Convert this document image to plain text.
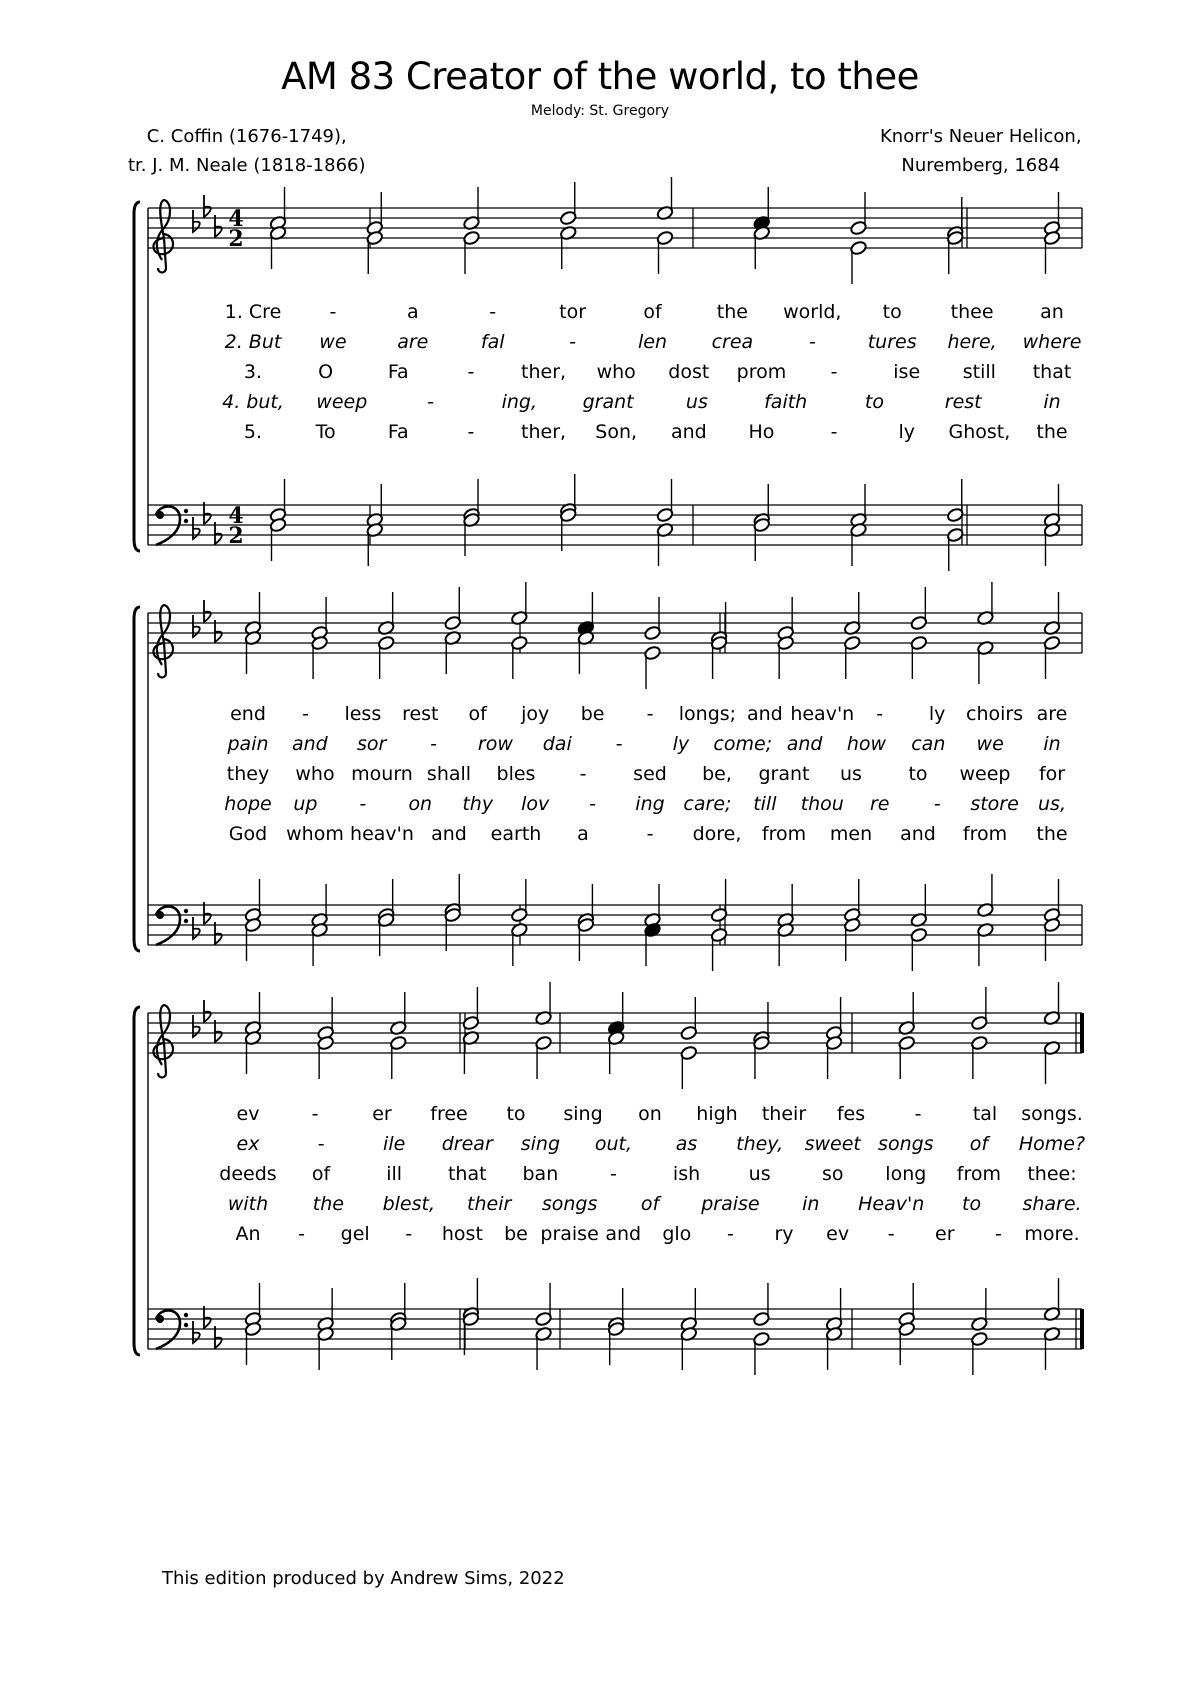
AM 83 Creator of the world, to thee
Melody: St. Gregory
C. Coffin (1676-1749),
tr. J. M. Neale (1818-1866)
Knorr's Neuer Helicon,
Nuremberg, 1684
4
2
4
2
1. Cre	-	a	-	tor	of	the world, to	thee an
2. But we	are	fal	-	len crea	-	tures here, where
3.	O	Fa	- ther, who dost prom -	ise still that
4. but, weep	-	ing, grant	us	faith	to	rest	in
5.	To	Fa	- ther, Son, and Ho	-	ly Ghost, the
end - less rest of joy be - longs; and heav'n - ly choirs are
pain and sor - row dai -	ly come; and how can we in
they who mourn shall bles - sed be, grant us to weep for
hope up - on thy lov - ing care; till thou re - store us,
God whom heav'n and earth a	- dore, from men and from the
ev	-	er free to sing on high their fes	-	tal songs.
ex	-	ile drear sing out, as they, sweet songs of Home?
deeds of	ill that ban	-	ish	us	so long from thee:
with the blest, their songs of praise in Heav'n to share.
An - gel - host be praise and glo - ry ev - er - more.
This edition produced by Andrew Sims, 2022
